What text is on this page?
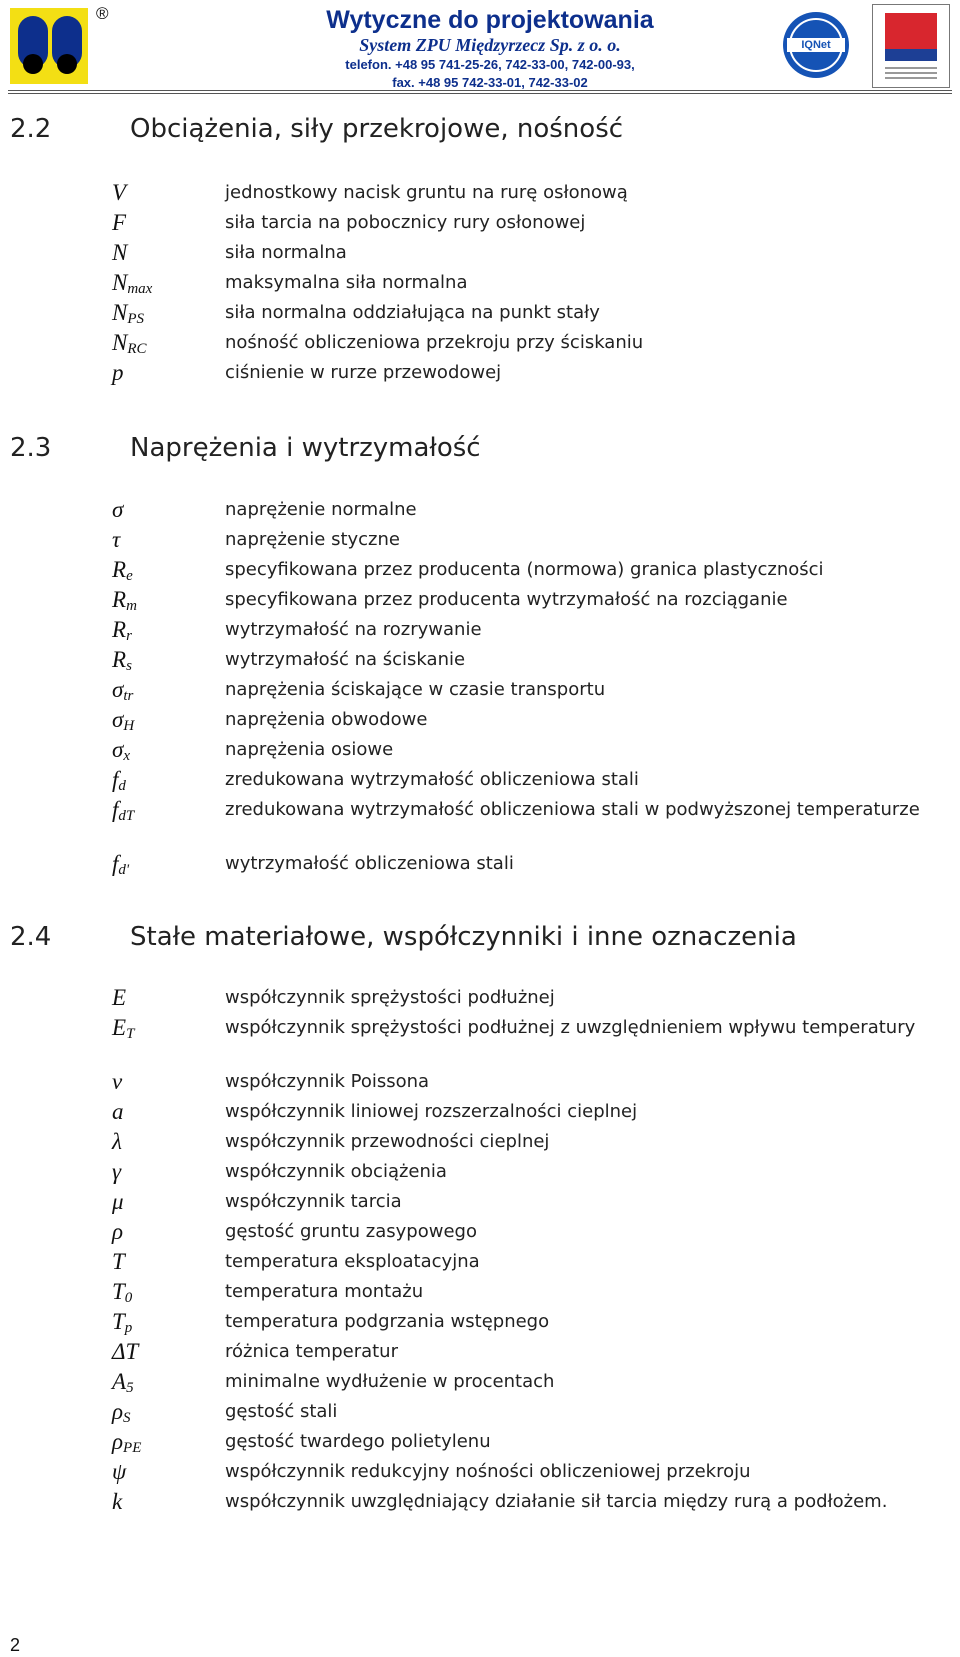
®	Wytyczne do projektowania
System ZPU Międzyrzecz Sp. z o. o.
telefon. +48 95 741-25-26, 742-33-00, 742-00-93,
fax. +48 95 742-33-01, 742-33-02
IQNet
2.2	Obciążenia, siły przekrojowe, nośność
V	jednostkowy nacisk gruntu na rurę osłonową
F	siła tarcia na pobocznicy rury osłonowej
N	siła normalna
Nmax	maksymalna siła normalna
NPS	siła normalna oddziałująca na punkt stały
NRC	nośność obliczeniowa przekroju przy ściskaniu
p	ciśnienie w rurze przewodowej
2.3	Naprężenia i wytrzymałość
σ	naprężenie normalne
τ	naprężenie styczne
Re	specyfikowana przez producenta (normowa) granica plastyczności
Rm	specyfikowana przez producenta wytrzymałość na rozciąganie
Rr	wytrzymałość na rozrywanie
Rs	wytrzymałość na ściskanie
σtr	naprężenia ściskające w czasie transportu
σH	naprężenia obwodowe
σx	naprężenia osiowe
fd	zredukowana wytrzymałość obliczeniowa stali
fdT	zredukowana wytrzymałość obliczeniowa stali w podwyższonej temperaturze
fd'	wytrzymałość obliczeniowa stali
2.4	Stałe materiałowe, współczynniki i inne oznaczenia
E	współczynnik sprężystości podłużnej
ET	współczynnik sprężystości podłużnej z uwzględnieniem wpływu temperatury
ν	współczynnik Poissona
a	współczynnik liniowej rozszerzalności cieplnej
λ	współczynnik przewodności cieplnej
γ	współczynnik obciążenia
μ	współczynnik tarcia
ρ	gęstość gruntu zasypowego
T	temperatura eksploatacyjna
T0	temperatura montażu
Tp	temperatura podgrzania wstępnego
ΔT	różnica temperatur
A5	minimalne wydłużenie w procentach
ρS	gęstość stali
ρPE	gęstość twardego polietylenu
ψ	współczynnik redukcyjny nośności obliczeniowej przekroju
k	współczynnik uwzględniający działanie sił tarcia między rurą a podłożem.
2
